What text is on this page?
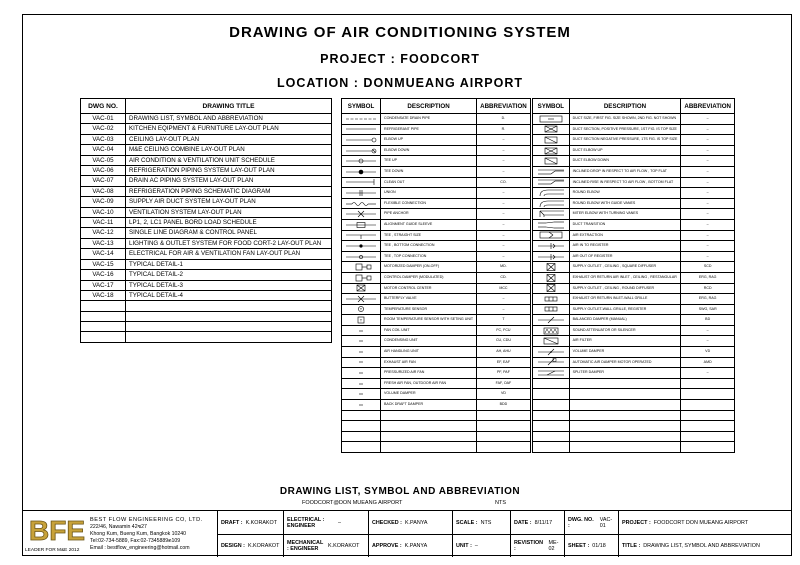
DRAWING OF AIR CONDITIONING SYSTEM
PROJECT : FOODCORT
LOCATION : DONMUEANG AIRPORT
DWG NO.	DRAWING TITLE
VAC-01	DRAWING LIST, SYMBOL AND ABBREVIATION
VAC-02	KITCHEN EQIPMENT & FURNITURE LAY-OUT PLAN
VAC-03	CEILING LAY-OUT PLAN
VAC-04	M&E CEILING COMBINE LAY-OUT PLAN
VAC-05	AIR CONDITION & VENTILATION UNIT SCHEDULE
VAC-06	REFRIGERATION PIPING SYSTEM LAY-OUT PLAN
VAC-07	DRAIN AC PIPING SYSTEM LAY-OUT PLAN
VAC-08	REFRIGERATION PIPING SCHEMATIC DIAGRAM
VAC-09	SUPPLY AIR DUCT SYSTEM LAY-OUT PLAN
VAC-10	VENTILATION SYSTEM LAY-OUT PLAN
VAC-11	LP1, 2, LC1 PANEL BORD LOAD SCHEDULE
VAC-12	SINGLE LINE DIAGRAM & CONTROL PANEL
VAC-13	LIGHTING & OUTLET SYSTEM FOR FOOD CORT-2 LAY-OUT PLAN
VAC-14	ELECTRICAL FOR AIR & VENTILATION FAN LAY-OUT PLAN
VAC-15	TYPICAL DETAIL-1
VAC-16	TYPICAL DETAIL-2
VAC-17	TYPICAL DETAIL-3
VAC-18	TYPICAL DETAIL-4

SYMBOL	DESCRIPTION	ABBREVIATION

	CONDENSATE DRAIN PIPE	D.

	REFRIGERANT PIPE	R.

	ELBOW UP	–

	ELBOW DOWN	–

	TEE UP	–

	TEE DOWN	–

	CLEAN OUT	CO.

	UNION	–

	FLEXIBLE CONNECTION	–

	PIPE ANCHOR	–

	ALIGNMENT GUIDE SLEEVE	–

	TEE , STRAIGHT SIZE	–

	TEE , BOTTOM CONNECTION	–

	TEE , TOP CONNECTION	–

	MOTORIZED DAMPER (ON-OFF)	MD.

	CONTROL DAMPER (MODULATED)	CD.

	MOTOR CONTROL CENTER	MCC

	BUTTERFLY VALVE	–

T	TEMPERATURE SENSOR	–

T	ROOM TEMPERATURE SENSOR WITH SETING UNIT	T

	FAN COIL UNIT	FC, FCU

	CONDENSING UNIT	CU, CDU

	AIR HANDLING UNIT	AH, AHU

	EXHAUST AIR FAN	EF, EAF

	PRESSURIZED AIR FAN	PF, PAF

	FRESH AIR FAN, OUTDOOR AIR FAN	FAF, OAF

	VOLUME DAMPER	VD

	BACK DRAFT DAMPER	BDD

SYMBOL	DESCRIPTION	ABBREVIATION

	DUCT SIZE, FIRST FIG. SIZE SHOWN, 2ND FIG. NOT SHOWN	–

	DUCT SECTION, POSITIVE PRESSURE, 1ST FIG. IS TOP SIZE	–

	DUCT SECTION NEGATIVE PRESSURE, 1TS FIG. IS TOP SIZE	–

	DUCT ELBOW UP	–

	DUCT ELBOW DOWN	–

	INCLINED DROP IN RESPECT TO AIR FLOW , TOP FLAT	–

	INCLINED RISE IN RESPECT TO AIR FLOW , BOTTOM FLAT	–

	ROUND ELBOW	–

	ROUND ELBOW WITH GUIDE VANES	–

	MITER ELBOW WITH TURNING VANES	–

	DUCT TRANSITION	–

	AIR EXTRACTION	–

	AIR IN TO REGISTER	–

	AIR OUT OF REGISTER	–

	SUPPLY OUTLET , CEILING , SQUARE DIFFUSER	SCD

	EXHAUST OR RETURN AIR INLET , CEILING , RESTANGULAR	ERG, RAG

	SUPPLY OUTLET , CEILING , ROUND DIFFUSER	RCD

	EXHAUST OR RETURN INLET-WALL GRILLE	ERG, RAG

	SUPPLY OUTLET-WALL GRILLE, REGISTER	SWG, SAR

	BALANCED DAMPER (MANUAL)	BD

	SOUND ATTENUATOR OR SILENCER	–

	AIR FILTER	–

	VOLUME DAMPER	VD

	AUTOMATIC AIR DAMPER MOTOR OPERATED	AMD

	SPLITER DAMPER	–

DRAWING LIST, SYMBOL AND ABBREVIATION
FOODCORT@DON MUEANG AIRPORT	NTS
BFE
LEADER FOR M&E 2012
BEST FLOW ENGINEERING CO, LTD.
222/46, Nawamin 42ซ27
Khong Kum, Bueng Kum, Bangkok 10240
Tel:02-734-5889, Fax:02-7345889ต109
Email : bestflow_engineering@hotmail.com
DRAFT : K.KORAKOT
DESIGN : K.KORAKOT
ELECTRICAL : ENGINEER	–
MECHANICAL : ENGINEER	K.KORAKOT
CHECKED : K.PANYA
APPROVE : K.PANYA
SCALE : NTS
UNIT : –
DATE : 8/11/17
REVISTION :
ME-02
DWG. NO. :
VAC-01
SHEET : 01/18
PROJECT : FOODCORT DON MUEANG AIRPORT
TITLE : DRAWING LIST, SYMBOL AND ABBREVIATION
